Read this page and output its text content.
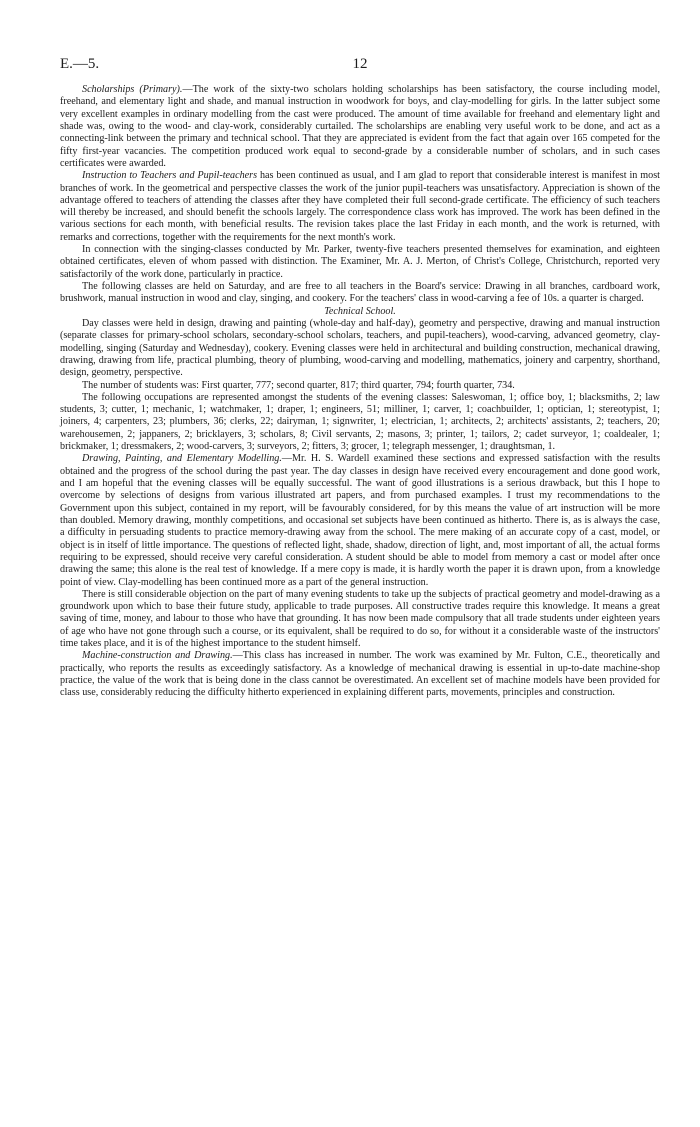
E.—5.	12

Scholarships (Primary).—The work of the sixty-two scholars holding scholarships has been satisfactory, the course including model, freehand, and elementary light and shade, and manual instruction in woodwork for boys, and clay-modelling for girls. In the latter subject some very excellent examples in ordinary modelling from the cast were produced. The amount of time available for freehand and elementary light and shade was, owing to the wood- and clay-work, considerably curtailed. The scholarships are enabling very useful work to be done, and act as a connecting-link between the primary and technical school. That they are appreciated is evident from the fact that again over 165 competed for the fifty first-year vacancies. The competition produced work equal to second-grade by a considerable number of scholars, and in such cases certificates were awarded.

Instruction to Teachers and Pupil-teachers has been continued as usual, and I am glad to report that considerable interest is manifest in most branches of work. In the geometrical and perspective classes the work of the junior pupil-teachers was unsatisfactory. Appreciation is shown of the advantage offered to teachers of attending the classes after they have completed their full second-grade certificate. The efficiency of such teachers will thereby be increased, and should benefit the schools largely. The correspondence class work has improved. The work has been defined in the various sections for each month, with beneficial results. The revision takes place the last Friday in each month, and the work is returned, with remarks and corrections, together with the requirements for the next month's work.

In connection with the singing-classes conducted by Mr. Parker, twenty-five teachers presented themselves for examination, and eighteen obtained certificates, eleven of whom passed with distinction. The Examiner, Mr. A. J. Merton, of Christ's College, Christchurch, reported very satisfactorily of the work done, particularly in practice.

The following classes are held on Saturday, and are free to all teachers in the Board's service: Drawing in all branches, cardboard work, brushwork, manual instruction in wood and clay, singing, and cookery. For the teachers' class in wood-carving a fee of 10s. a quarter is charged.

Technical School.

Day classes were held in design, drawing and painting (whole-day and half-day), geometry and perspective, drawing and manual instruction (separate classes for primary-school scholars, secondary-school scholars, teachers, and pupil-teachers), wood-carving, advanced geometry, clay-modelling, singing (Saturday and Wednesday), cookery. Evening classes were held in architectural and building construction, mechanical drawing, drawing, drawing from life, practical plumbing, theory of plumbing, wood-carving and modelling, mathematics, joinery and carpentry, shorthand, design, geometry, perspective.

The number of students was: First quarter, 777; second quarter, 817; third quarter, 794; fourth quarter, 734.

The following occupations are represented amongst the students of the evening classes: Saleswoman, 1; office boy, 1; blacksmiths, 2; law students, 3; cutter, 1; mechanic, 1; watchmaker, 1; draper, 1; engineers, 51; milliner, 1; carver, 1; coachbuilder, 1; optician, 1; stereotypist, 1; joiners, 4; carpenters, 23; plumbers, 36; clerks, 22; dairyman, 1; signwriter, 1; electrician, 1; architects, 2; architects' assistants, 2; teachers, 20; warehousemen, 2; jappaners, 2; bricklayers, 3; scholars, 8; Civil servants, 2; masons, 3; printer, 1; tailors, 2; cadet surveyor, 1; coaldealer, 1; brickmaker, 1; dressmakers, 2; wood-carvers, 3; surveyors, 2; fitters, 3; grocer, 1; telegraph messenger, 1; draughtsman, 1.

Drawing, Painting, and Elementary Modelling.—Mr. H. S. Wardell examined these sections and expressed satisfaction with the results obtained and the progress of the school during the past year. The day classes in design have received every encouragement and done good work, and I am hopeful that the evening classes will be equally successful. The want of good illustrations is a serious drawback, but this I hope to overcome by selections of designs from various illustrated art papers, and from purchased examples. I trust my recommendations to the Government upon this subject, contained in my report, will be favourably considered, for by this means the value of art instruction will be more than doubled. Memory drawing, monthly competitions, and occasional set subjects have been continued as hitherto. There is, as is always the case, a difficulty in persuading students to practice memory-drawing away from the school. The mere making of an accurate copy of a cast, model, or object is in itself of little importance. The questions of reflected light, shade, shadow, direction of light, and, most important of all, the actual forms requiring to be expressed, should receive very careful consideration. A student should be able to model from memory a cast or model after once drawing the same; this alone is the real test of knowledge. If a mere copy is made, it is hardly worth the paper it is drawn upon, from a knowledge point of view. Clay-modelling has been continued more as a part of the general instruction.

There is still considerable objection on the part of many evening students to take up the subjects of practical geometry and model-drawing as a groundwork upon which to base their future study, applicable to trade purposes. All constructive trades require this knowledge. It means a great saving of time, money, and labour to those who have that grounding. It has now been made compulsory that all trade students under eighteen years of age who have not gone through such a course, or its equivalent, shall be required to do so, for without it a considerable waste of the instructors' time takes place, and it is of the highest importance to the student himself.

Machine-construction and Drawing.—This class has increased in number. The work was examined by Mr. Fulton, C.E., theoretically and practically, who reports the results as exceedingly satisfactory. As a knowledge of mechanical drawing is essential in up-to-date machine-shop practice, the value of the work that is being done in the class cannot be overestimated. An excellent set of machine models have been provided for class use, considerably reducing the difficulty hitherto experienced in explaining different parts, movements, principles and construction.
